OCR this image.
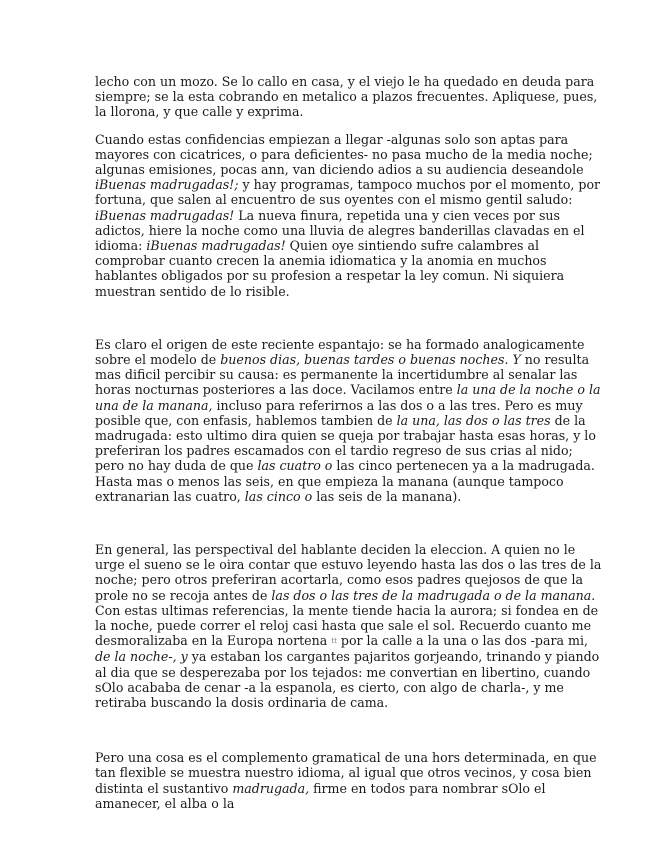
lecho con un mozo. Se lo callo en casa, y el viejo le ha quedado en deuda para siempre; se la esta cobrando en metalico a plazos frecuentes. Apliquese, pues, la llorona, y que calle y exprima.

Cuando estas confidencias empiezan a llegar -algunas solo son aptas para mayores con cicatrices, o para deficientes- no pasa mucho de la media noche; algunas emisiones, pocas ann, van diciendo adios a su audiencia deseandole iBuenas madrugadas!; y hay programas, tampoco muchos por el momento, por fortuna, que salen al encuentro de sus oyentes con el mismo gentil saludo: iBuenas madrugadas! La nueva finura, repetida una y cien veces por sus adictos, hiere la noche como una lluvia de alegres banderillas clavadas en el idioma: iBuenas madrugadas! Quien oye sintiendo sufre calambres al comprobar cuanto crecen la anemia idiomatica y la anomia en muchos hablantes obligados por su profesion a respetar la ley comun. Ni siquiera muestran sentido de lo risible.

Es claro el origen de este reciente espantajo: se ha formado analogicamente sobre el modelo de buenos dias, buenas tardes o buenas noches. Y no resulta mas dificil percibir su causa: es permanente la incertidumbre al senalar las horas nocturnas posteriores a las doce. Vacilamos entre la una de la noche o la una de la manana, incluso para referirnos a las dos o a las tres. Pero es muy posible que, con enfasis, hablemos tambien de la una, las dos o las tres de la madrugada: esto ultimo dira quien se queja por trabajar hasta esas horas, y lo preferiran los padres escamados con el tardio regreso de sus crias al nido; pero no hay duda de que las cuatro o las cinco pertenecen ya a la madrugada. Hasta mas o menos las seis, en que empieza la manana (aunque tampoco extranarian las cuatro, las cinco o las seis de la manana).

En general, las perspectival del hablante deciden la eleccion. A quien no le urge el sueno se le oira contar que estuvo leyendo hasta las dos o las tres de la noche; pero otros preferiran acortarla, como esos padres quejosos de que la prole no se recoja antes de las dos o las tres de la madrugada o de la manana. Con estas ultimas referencias, la mente tiende hacia la aurora; si fondea en de la noche, puede correr el reloj casi hasta que sale el sol. Recuerdo cuanto me desmoralizaba en la Europa nortena tt por la calle a la una o las dos -para mi, de la noche-, y ya estaban los cargantes pajaritos gorjeando, trinando y piando al dia que se desperezaba por los tejados: me convertian en libertino, cuando sOlo acababa de cenar -a la espanola, es cierto, con algo de charla-, y me retiraba buscando la dosis ordinaria de cama.

Pero una cosa es el complemento gramatical de una hors determinada, en que tan flexible se muestra nuestro idioma, al igual que otros vecinos, y cosa bien distinta el sustantivo madrugada, firme en todos para nombrar sOlo el amanecer, el alba o la
